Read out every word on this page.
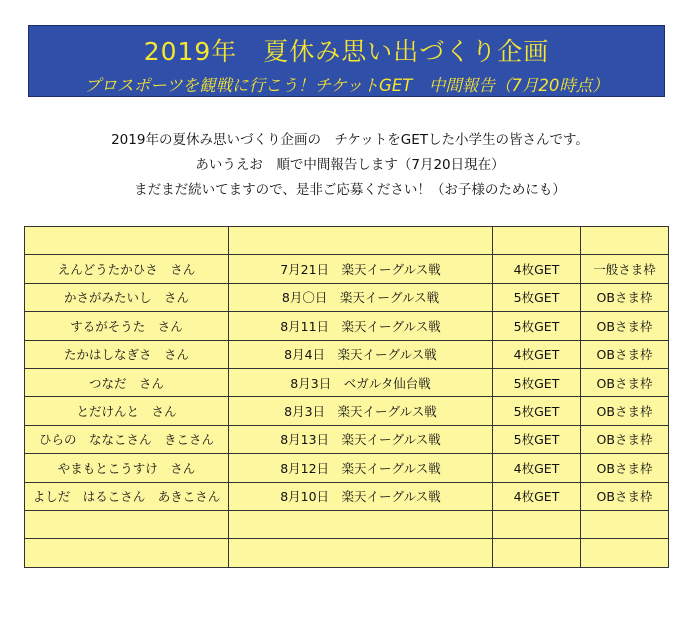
2019年　夏休み思い出づくり企画
プロスポーツを観戦に行こう！チケットGET　中間報告（7月20時点）
2019年の夏休み思いづくり企画の　チケットをGETした小学生の皆さんです。
あいうえお　順で中間報告します（7月20日現在）
まだまだ続いてますので、是非ご応募ください！（お子様のためにも）

えんどうたかひさ　さん	7月21日　楽天イーグルス戦	4枚GET	一般さま枠
かさがみたいし　さん	8月〇日　楽天イーグルス戦	5枚GET	OBさま枠
するがそうた　さん	8月11日　楽天イーグルス戦	5枚GET	OBさま枠
たかはしなぎさ　さん	8月4日　楽天イーグルス戦	4枚GET	OBさま枠
つなだ　さん	8月3日　ベガルタ仙台戦	5枚GET	OBさま枠
とだけんと　さん	8月3日　楽天イーグルス戦	5枚GET	OBさま枠
ひらの　ななこさん　きこさん	8月13日　楽天イーグルス戦	5枚GET	OBさま枠
やまもとこうすけ　さん	8月12日　楽天イーグルス戦	4枚GET	OBさま枠
よしだ　はるこさん　あきこさん	8月10日　楽天イーグルス戦	4枚GET	OBさま枠
